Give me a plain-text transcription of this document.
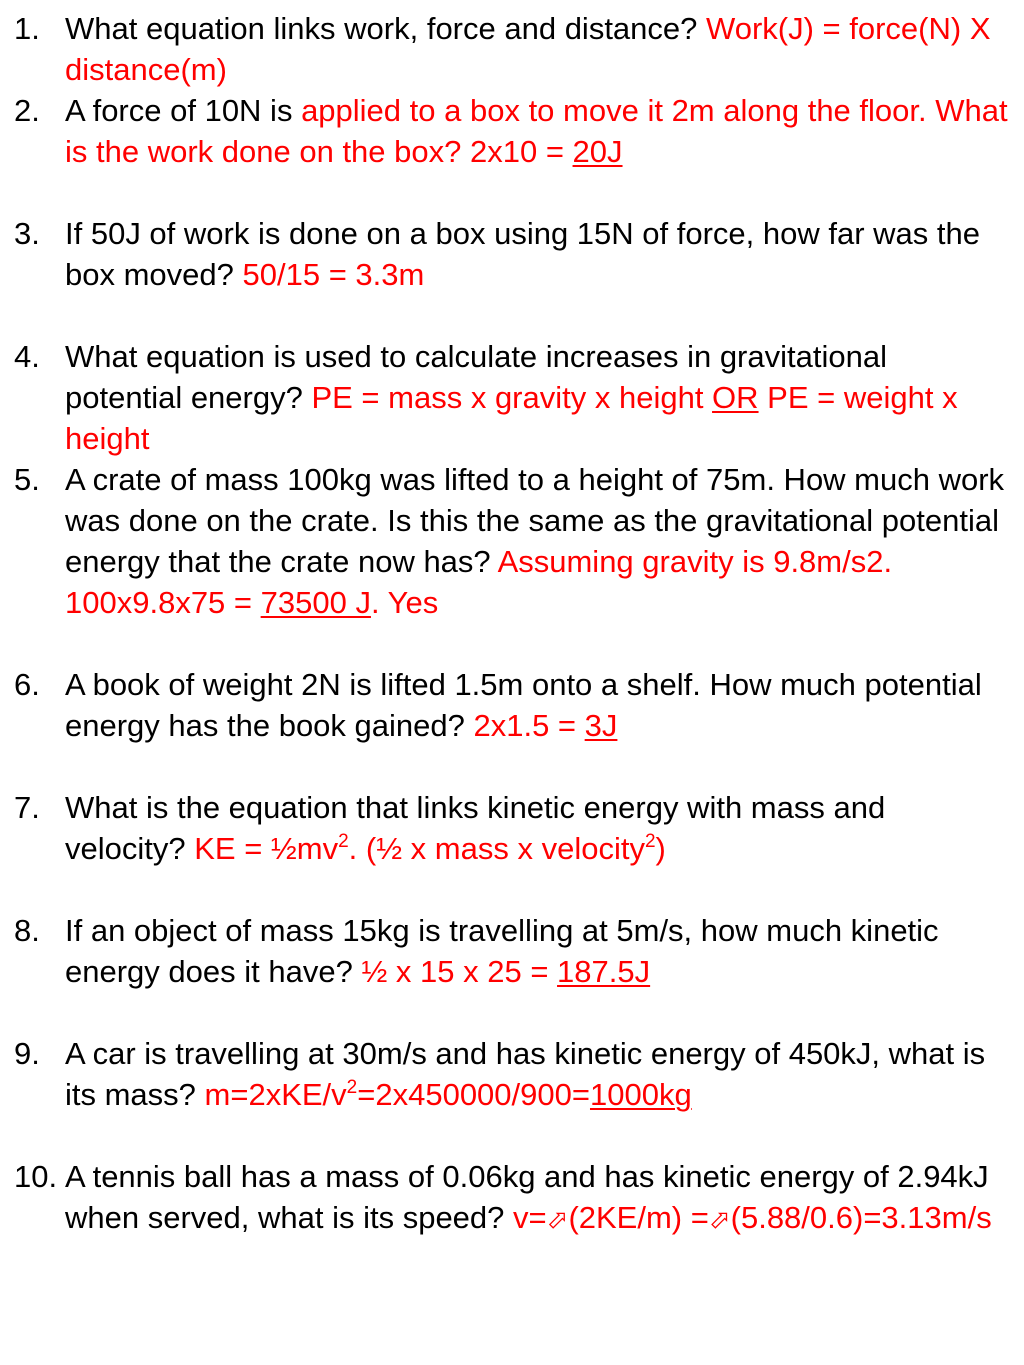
1. What equation links work, force and distance? Work(J) = force(N) X distance(m)
2. A force of 10N is applied to a box to move it 2m along the floor. What is the work done on the box? 2x10 = 20J
3. If 50J of work is done on a box using 15N of force, how far was the box moved? 50/15 = 3.3m
4. What equation is used to calculate increases in gravitational potential energy? PE = mass x gravity x height OR PE = weight x height
5. A crate of mass 100kg was lifted to a height of 75m. How much work was done on the crate. Is this the same as the gravitational potential energy that the crate now has? Assuming gravity is 9.8m/s2. 100x9.8x75 = 73500 J. Yes
6. A book of weight 2N is lifted 1.5m onto a shelf. How much potential energy has the book gained? 2x1.5 = 3J
7. What is the equation that links kinetic energy with mass and velocity? KE = $\frac{1}{2}mv^2$. (½ x mass x velocity$^2$)
8. If an object of mass 15kg is travelling at 5m/s, how much kinetic energy does it have? ½ x 15 x 25 = 187.5J
9. A car is travelling at 30m/s and has kinetic energy of 450kJ, what is its mass? $m=2xKE/v^2=2x450000/900=1000kg$
10. A tennis ball has a mass of 0.06kg and has kinetic energy of 2.94kJ when served, what is its speed? v=⬀(2KE/m) =⬀(5.88/0.6)=3.13m/s
